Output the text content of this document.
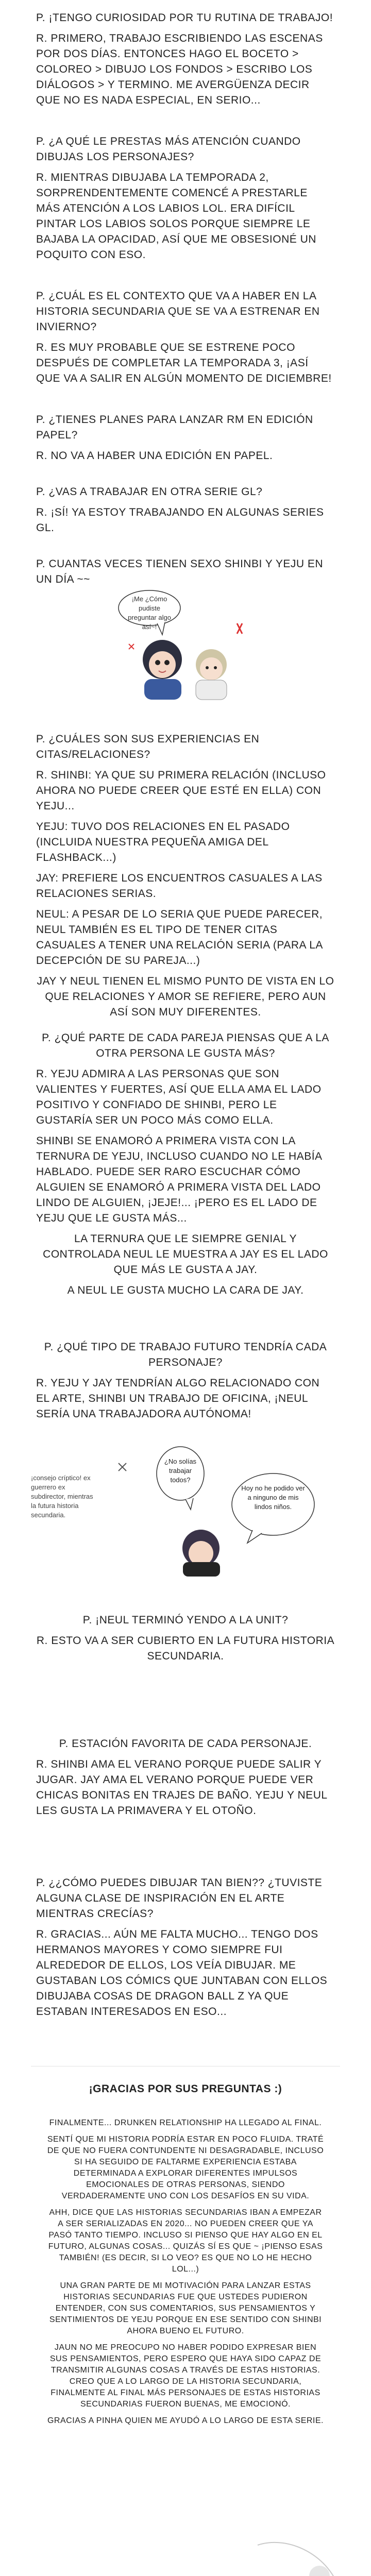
P. ¡TENGO CURIOSIDAD POR TU RUTINA DE TRABAJO!

R. PRIMERO, TRABAJO ESCRIBIENDO LAS ESCENAS POR DOS DÍAS. ENTONCES HAGO EL BOCETO > COLOREO > DIBUJO LOS FONDOS > ESCRIBO LOS DIÁLOGOS > Y TERMINO. ME AVERGÜENZA DECIR QUE NO ES NADA ESPECIAL, EN SERIO...

P. ¿A QUÉ LE PRESTAS MÁS ATENCIÓN CUANDO DIBUJAS LOS PERSONAJES?

R. MIENTRAS DIBUJABA LA TEMPORADA 2, SORPRENDENTEMENTE COMENCÉ A PRESTARLE MÁS ATENCIÓN A LOS LABIOS LOL. ERA DIFÍCIL PINTAR LOS LABIOS SOLOS PORQUE SIEMPRE LE BAJABA LA OPACIDAD, ASÍ QUE ME OBSESIONÉ UN POQUITO CON ESO.

P. ¿CUÁL ES EL CONTEXTO QUE VA A HABER EN LA HISTORIA SECUNDARIA QUE SE VA A ESTRENAR EN INVIERNO?

R. ES MUY PROBABLE QUE SE ESTRENE POCO DESPUÉS DE COMPLETAR LA TEMPORADA 3, ¡ASÍ QUE VA A SALIR EN ALGÚN MOMENTO DE DICIEMBRE!

P. ¿TIENES PLANES PARA LANZAR RM EN EDICIÓN PAPEL?

R. NO VA A HABER UNA EDICIÓN EN PAPEL.

P. ¿VAS A TRABAJAR EN OTRA SERIE GL?

R. ¡SÍ! YA ESTOY TRABAJANDO EN ALGUNAS SERIES GL.

P. CUANTAS VECES TIENEN SEXO SHINBI Y YEJU EN UN DÍA ~~

¡Me ¿Cómo pudiste preguntar algo así~!

P. ¿CUÁLES SON SUS EXPERIENCIAS EN CITAS/RELACIONES?

R. SHINBI: YA QUE SU PRIMERA RELACIÓN (INCLUSO AHORA NO PUEDE CREER QUE ESTÉ EN ELLA) CON YEJU...

YEJU: TUVO DOS RELACIONES EN EL PASADO (INCLUIDA NUESTRA PEQUEÑA AMIGA DEL FLASHBACK...)

JAY: PREFIERE LOS ENCUENTROS CASUALES A LAS RELACIONES SERIAS.

NEUL: A PESAR DE LO SERIA QUE PUEDE PARECER, NEUL TAMBIÉN ES EL TIPO DE TENER CITAS CASUALES A TENER UNA RELACIÓN SERIA (PARA LA DECEPCIÓN DE SU PAREJA...)

JAY Y NEUL TIENEN EL MISMO PUNTO DE VISTA EN LO QUE RELACIONES Y AMOR SE REFIERE, PERO AUN ASÍ SON MUY DIFERENTES.

P. ¿QUÉ PARTE DE CADA PAREJA PIENSAS QUE A LA OTRA PERSONA LE GUSTA MÁS?

R. YEJU ADMIRA A LAS PERSONAS QUE SON VALIENTES Y FUERTES, ASÍ QUE ELLA AMA EL LADO POSITIVO Y CONFIADO DE SHINBI, PERO LE GUSTARÍA SER UN POCO MÁS COMO ELLA.

SHINBI SE ENAMORÓ A PRIMERA VISTA CON LA TERNURA DE YEJU, INCLUSO CUANDO NO LE HABÍA HABLADO. PUEDE SER RARO ESCUCHAR CÓMO ALGUIEN SE ENAMORÓ A PRIMERA VISTA DEL LADO LINDO DE ALGUIEN, ¡JEJE!... ¡PERO ES EL LADO DE YEJU QUE LE GUSTA MÁS...

LA TERNURA QUE LE SIEMPRE GENIAL Y CONTROLADA NEUL LE MUESTRA A JAY ES EL LADO QUE MÁS LE GUSTA A JAY.

A NEUL LE GUSTA MUCHO LA CARA DE JAY.

P. ¿QUÉ TIPO DE TRABAJO FUTURO TENDRÍA CADA PERSONAJE?

R. YEJU Y JAY TENDRÍAN ALGO RELACIONADO CON EL ARTE, SHINBI UN TRABAJO DE OFICINA, ¡NEUL SERÍA UNA TRABAJADORA AUTÓNOMA!

¡consejo críptico! ex guerrero ex subdirector, mientras la futura historia secundaria.
¿No solías trabajar todos?
Hoy no he podido ver a ninguno de mis lindos niños.

P. ¡NEUL TERMINÓ YENDO A LA UNIT?

R. ESTO VA A SER CUBIERTO EN LA FUTURA HISTORIA SECUNDARIA.

P. ESTACIÓN FAVORITA DE CADA PERSONAJE.

R. SHINBI AMA EL VERANO PORQUE PUEDE SALIR Y JUGAR. JAY AMA EL VERANO PORQUE PUEDE VER CHICAS BONITAS EN TRAJES DE BAÑO. YEJU Y NEUL LES GUSTA LA PRIMAVERA Y EL OTOÑO.

P. ¿¿CÓMO PUEDES DIBUJAR TAN BIEN?? ¿TUVISTE ALGUNA CLASE DE INSPIRACIÓN EN EL ARTE MIENTRAS CRECÍAS?

R. GRACIAS... AÚN ME FALTA MUCHO... TENGO DOS HERMANOS MAYORES Y COMO SIEMPRE FUI ALREDEDOR DE ELLOS, LOS VEÍA DIBUJAR. ME GUSTABAN LOS CÓMICS QUE JUNTABAN CON ELLOS DIBUJABA COSAS DE DRAGON BALL Z YA QUE ESTABAN INTERESADOS EN ESO...

¡GRACIAS POR SUS PREGUNTAS :)

FINALMENTE... DRUNKEN RELATIONSHIP HA LLEGADO AL FINAL.

SENTÍ QUE MI HISTORIA PODRÍA ESTAR EN POCO FLUIDA. TRATÉ DE QUE NO FUERA CONTUNDENTE NI DESAGRADABLE, INCLUSO SI HA SEGUIDO DE FALTARME EXPERIENCIA ESTABA DETERMINADA A EXPLORAR DIFERENTES IMPULSOS EMOCIONALES DE OTRAS PERSONAS, SIENDO VERDADERAMENTE UNO CON LOS DESAFÍOS EN SU VIDA.

AHH, DICE QUE LAS HISTORIAS SECUNDARIAS IBAN A EMPEZAR A SER SERIALIZADAS EN 2020... NO PUEDEN CREER QUE YA PASÓ TANTO TIEMPO. INCLUSO SI PIENSO QUE HAY ALGO EN EL FUTURO, ALGUNAS COSAS... QUIZÁS SÍ ES QUE ~ ¡PIENSO ESAS TAMBIÉN! (ES DECIR, SI LO VEO? ES QUE NO LO HE HECHO LOL...)

UNA GRAN PARTE DE MI MOTIVACIÓN PARA LANZAR ESTAS HISTORIAS SECUNDARIAS FUE QUE USTEDES PUDIERON ENTENDER, CON SUS COMENTARIOS, SUS PENSAMIENTOS Y SENTIMIENTOS DE YEJU PORQUE EN ESE SENTIDO CON SHINBI AHORA BUENO EL FUTURO.

JAUN NO ME PREOCUPO NO HABER PODIDO EXPRESAR BIEN SUS PENSAMIENTOS, PERO ESPERO QUE HAYA SIDO CAPAZ DE TRANSMITIR ALGUNAS COSAS A TRAVÉS DE ESTAS HISTORIAS. CREO QUE A LO LARGO DE LA HISTORIA SECUNDARIA, FINALMENTE AL FINAL MÁS PERSONAJES DE ESTAS HISTORIAS SECUNDARIAS FUERON BUENAS, ME EMOCIONÓ.

GRACIAS A PINHA QUIEN ME AYUDÓ A LO LARGO DE ESTA SERIE.
